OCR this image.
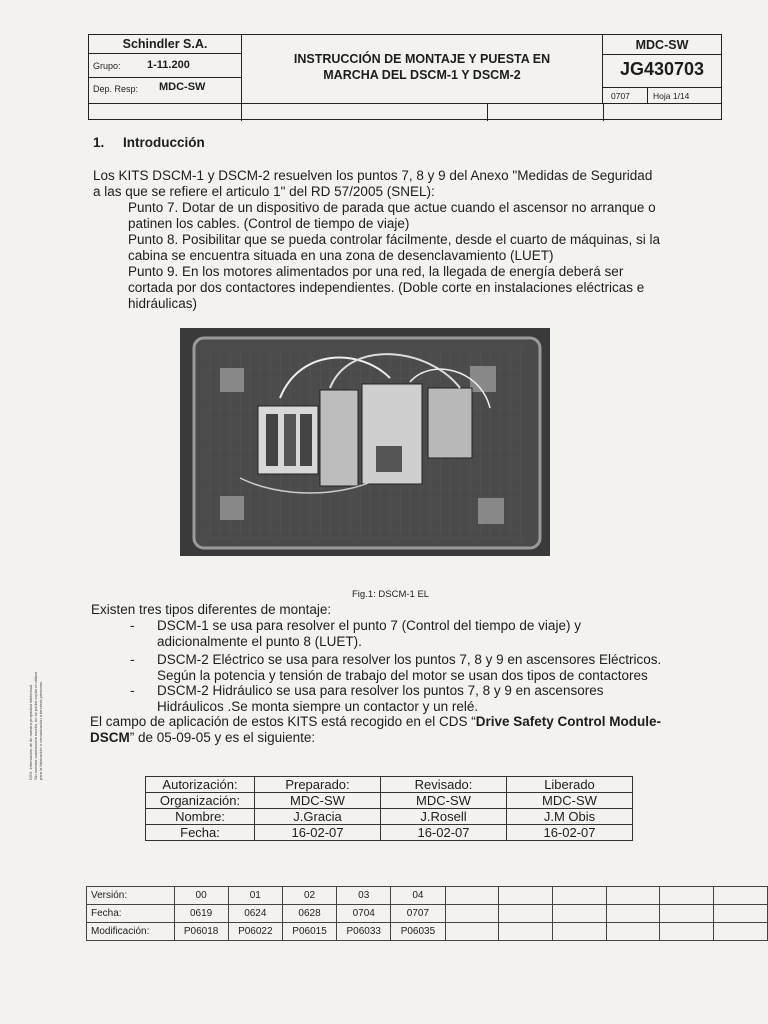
Schindler S.A.
Grupo: 1-11.200
Dep. Resp: MDC-SW
INSTRUCCIÓN DE MONTAJE Y PUESTA EN
MARCHA DEL DSCM-1 Y DSCM-2
MDC-SW
JG430703
0707	Hoja 1/14
1. Introducción
Los KITS DSCM-1 y DSCM-2 resuelven los puntos 7, 8 y 9 del Anexo "Medidas de Seguridad
a las que se refiere el articulo 1" del RD 57/2005 (SNEL):
Punto 7. Dotar de un dispositivo de parada que actue cuando el ascensor no arranque o
patinen los cables. (Control de tiempo de viaje)
Punto 8. Posibilitar que se pueda controlar fácilmente, desde el cuarto de máquinas, si la
cabina se encuentra situada en una zona de desenclavamiento (LUET)
Punto 9. En los motores alimentados por una red, la llegada de energía deberá ser
cortada por dos contactores independientes. (Doble corte en instalaciones eléctricas e
hidráulicas)
Fig.1: DSCM-1 EL
Existen tres tipos diferentes de montaje:
- DSCM-1 se usa para resolver el punto 7 (Control del tiempo de viaje) y
adicionalmente el punto 8 (LUET).
- DSCM-2 Eléctrico se usa para resolver los puntos 7, 8 y 9 en ascensores Eléctricos.
Según la potencia y tensión de trabajo del motor se usan dos tipos de contactores
- DSCM-2 Hidráulico se usa para resolver los puntos 7, 8 y 9 en ascensores
Hidráulicos .Se monta siempre un contactor y un relé.
El campo de aplicación de estos KITS está recogido en el CDS “Drive Safety Control Module-
DSCM” de 05-09-05 y es el siguiente:
Autorización:	Preparado:	Revisado:	Liberado
Organización:	MDC-SW	MDC-SW	MDC-SW
Nombre:	J.Gracia	J.Rosell	J.M Obis
Fecha:	16-02-07	16-02-07	16-02-07
Versión:	00	01	02	03	04						
Fecha:	0619	0624	0628	0704	0707						
Modificación:	P06018	P06022	P06015	P06033	P06035						
DSS: Información de de nuestra propiedad intelectual. Sin nuestra autorización escrita, no se podrá copiar ni utilizar para la fabricación o comunicación a terceras personas.
